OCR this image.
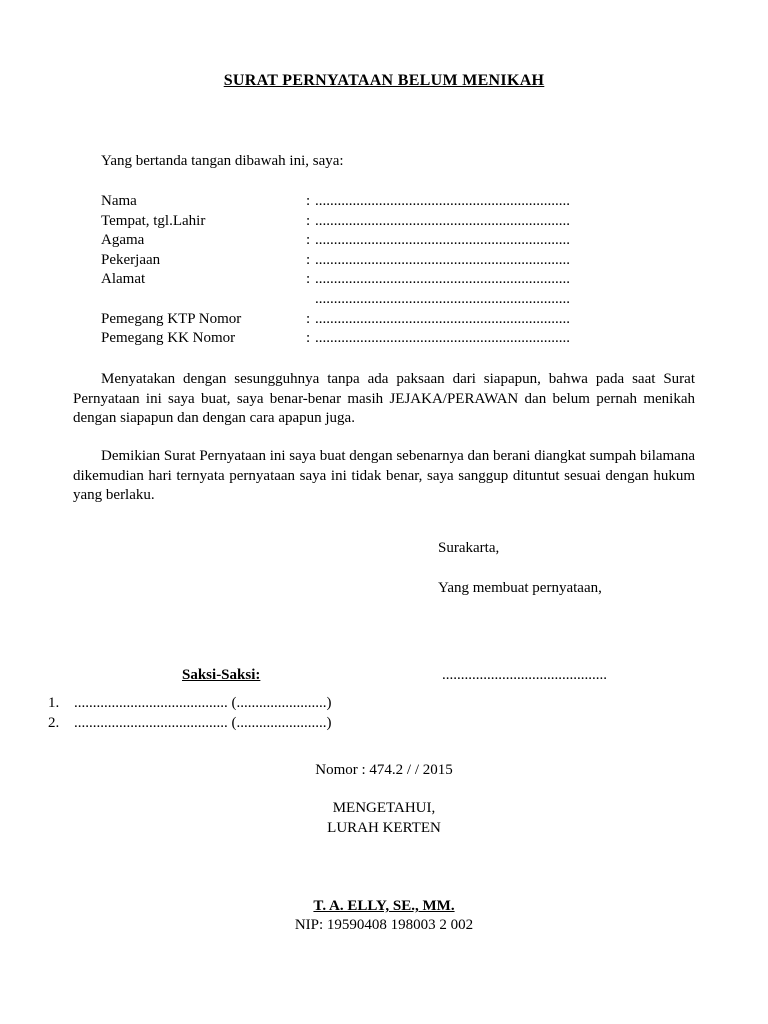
SURAT PERNYATAAN BELUM MENIKAH
Yang bertanda tangan dibawah ini, saya:
Nama	: ....................................................................
Tempat, tgl.Lahir	: ....................................................................
Agama	: ....................................................................
Pekerjaan	: ....................................................................
Alamat	: ....................................................................
....................................................................
Pemegang KTP Nomor	: ....................................................................
Pemegang KK Nomor	: ....................................................................

Menyatakan dengan sesungguhnya tanpa ada paksaan dari siapapun, bahwa pada saat Surat Pernyataan ini saya buat, saya benar-benar masih JEJAKA/PERAWAN dan belum pernah menikah dengan siapapun dan dengan cara apapun juga.

Demikian Surat Pernyataan ini saya buat dengan sebenarnya dan berani diangkat sumpah bilamana dikemudian hari ternyata pernyataan saya ini tidak benar, saya sanggup dituntut sesuai dengan hukum yang berlaku.

Surakarta,
Yang membuat pernyataan,
Saksi-Saksi:	............................................
1. ......................................... (........................)
2. ......................................... (........................)
Nomor : 474.2 / / 2015
MENGETAHUI,
LURAH KERTEN
T. A. ELLY, SE., MM.
NIP: 19590408 198003 2 002
